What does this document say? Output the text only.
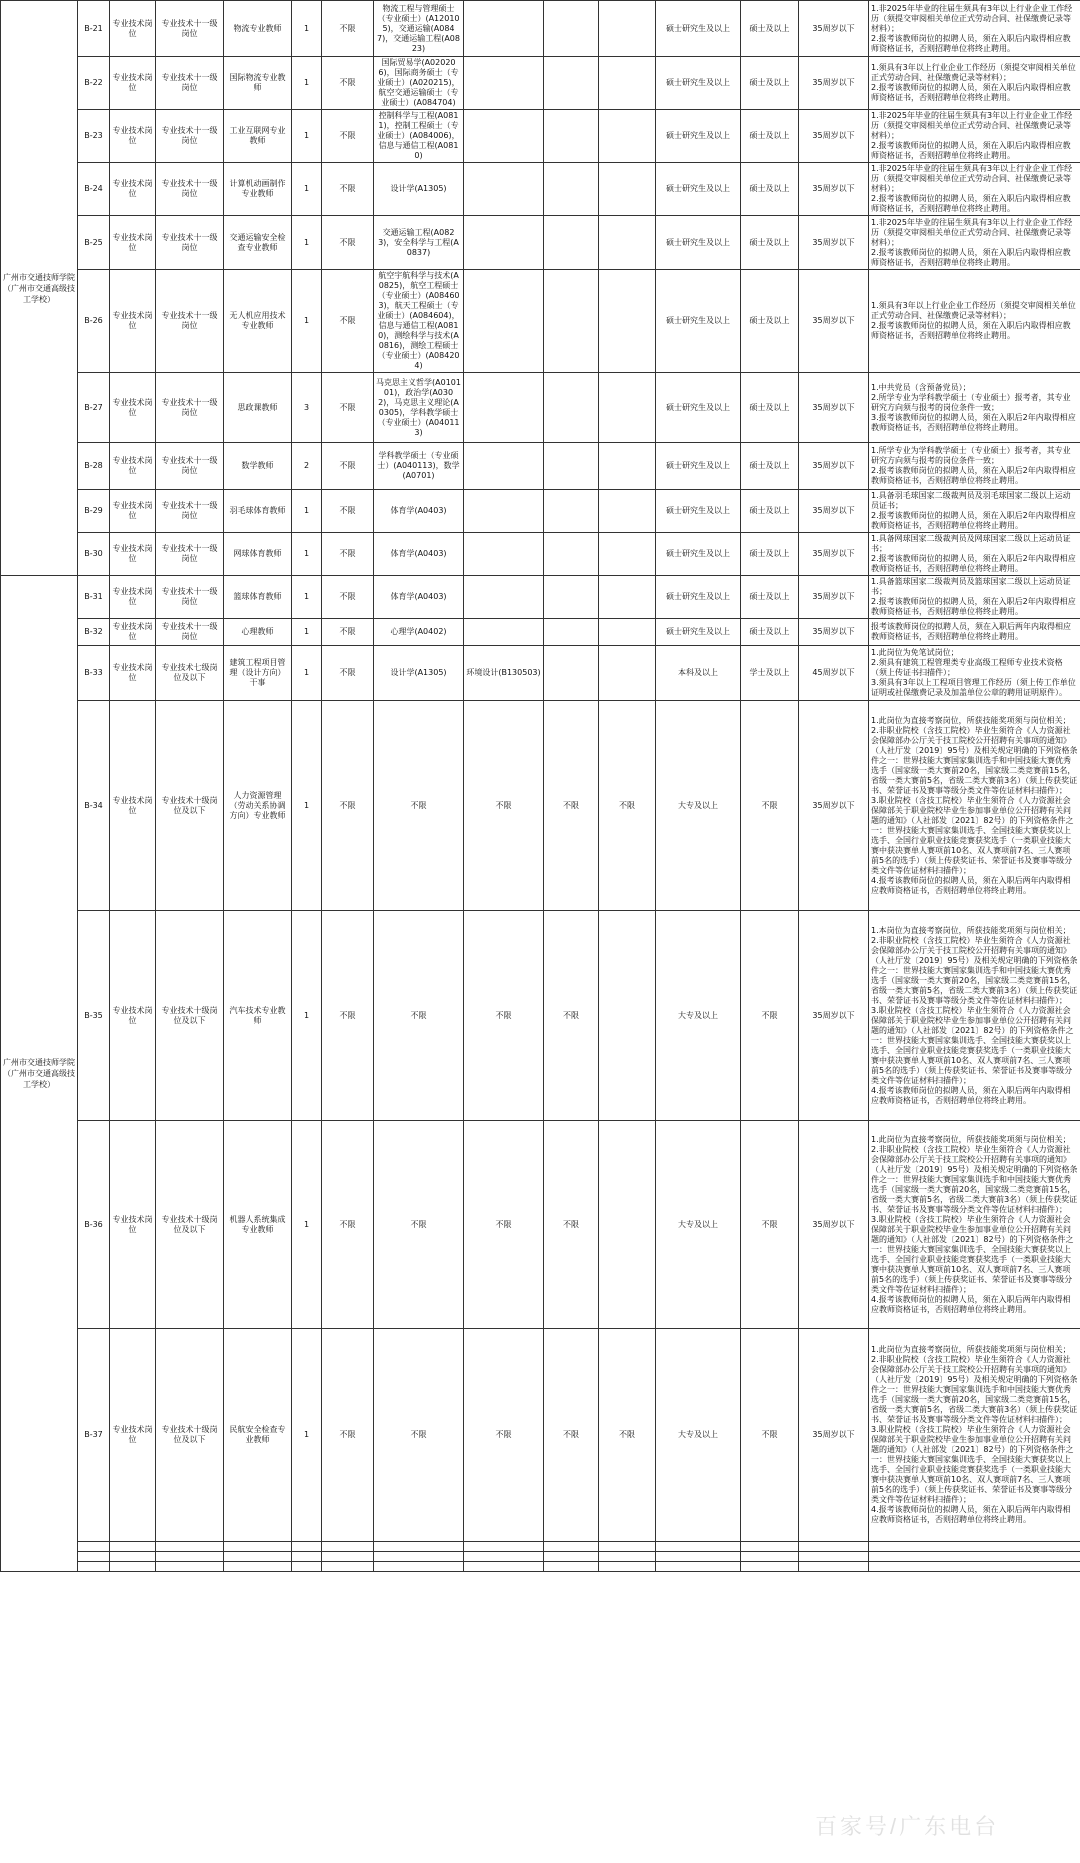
广州市交通技师学院（广州市交通高级技工学校）	B-21	专业技术岗位	专业技术十一级岗位	物流专业教师	1	不限	物流工程与管理硕士（专业硕士）(A120105)，交通运输(A0847)，交通运输工程(A0823)				硕士研究生及以上	硕士及以上	35周岁以下	1.非2025年毕业的往届生须具有3年以上行业企业工作经历（须提交审阅相关单位正式劳动合同、社保缴费记录等材料）；
2.报考该教师岗位的拟聘人员，须在入职后内取得相应教师资格证书，否则招聘单位将终止聘用。
	B-22	专业技术岗位	专业技术十一级岗位	国际物流专业教师	1	不限	国际贸易学(A020206)，国际商务硕士（专业硕士）(A020215)，航空交通运输硕士（专业硕士）(A084704)				硕士研究生及以上	硕士及以上	35周岁以下	1.须具有3年以上行业企业工作经历（须提交审阅相关单位正式劳动合同、社保缴费记录等材料）；
2.报考该教师岗位的拟聘人员，须在入职后内取得相应教师资格证书，否则招聘单位将终止聘用。
	B-23	专业技术岗位	专业技术十一级岗位	工业互联网专业教师	1	不限	控制科学与工程(A0811)，控制工程硕士（专业硕士）(A084006)，信息与通信工程(A0810)				硕士研究生及以上	硕士及以上	35周岁以下	1.非2025年毕业的往届生须具有3年以上行业企业工作经历（须提交审阅相关单位正式劳动合同、社保缴费记录等材料）；
2.报考该教师岗位的拟聘人员，须在入职后内取得相应教师资格证书，否则招聘单位将终止聘用。
	B-24	专业技术岗位	专业技术十一级岗位	计算机动画制作专业教师	1	不限	设计学(A1305)				硕士研究生及以上	硕士及以上	35周岁以下	1.非2025年毕业的往届生须具有3年以上行业企业工作经历（须提交审阅相关单位正式劳动合同、社保缴费记录等材料）；
2.报考该教师岗位的拟聘人员，须在入职后内取得相应教师资格证书，否则招聘单位将终止聘用。
	B-25	专业技术岗位	专业技术十一级岗位	交通运输安全检查专业教师	1	不限	交通运输工程(A0823)，安全科学与工程(A0837)				硕士研究生及以上	硕士及以上	35周岁以下	1.非2025年毕业的往届生须具有3年以上行业企业工作经历（须提交审阅相关单位正式劳动合同、社保缴费记录等材料）；
2.报考该教师岗位的拟聘人员，须在入职后内取得相应教师资格证书，否则招聘单位将终止聘用。
	B-26	专业技术岗位	专业技术十一级岗位	无人机应用技术专业教师	1	不限	航空宇航科学与技术(A0825)，航空工程硕士（专业硕士）(A084603)，航天工程硕士（专业硕士）(A084604)，信息与通信工程(A0810)，测绘科学与技术(A0816)，测绘工程硕士（专业硕士）(A084204)				硕士研究生及以上	硕士及以上	35周岁以下	1.须具有3年以上行业企业工作经历（须提交审阅相关单位正式劳动合同、社保缴费记录等材料）；
2.报考该教师岗位的拟聘人员，须在入职后内取得相应教师资格证书，否则招聘单位将终止聘用。
	B-27	专业技术岗位	专业技术十一级岗位	思政课教师	3	不限	马克思主义哲学(A010101)，政治学(A0302)，马克思主义理论(A0305)，学科教学硕士（专业硕士）(A040113)				硕士研究生及以上	硕士及以上	35周岁以下	1.中共党员（含预备党员）；
2.所学专业为学科教学硕士（专业硕士）报考者，其专业研究方向须与报考的岗位条件一致；
3.报考该教师岗位的拟聘人员，须在入职后2年内取得相应教师资格证书，否则招聘单位将终止聘用。
	B-28	专业技术岗位	专业技术十一级岗位	数学教师	2	不限	学科教学硕士（专业硕士）(A040113)，数学(A0701)				硕士研究生及以上	硕士及以上	35周岁以下	1.所学专业为学科教学硕士（专业硕士）报考者，其专业研究方向须与报考的岗位条件一致；
2.报考该教师岗位的拟聘人员，须在入职后2年内取得相应教师资格证书，否则招聘单位将终止聘用。
	B-29	专业技术岗位	专业技术十一级岗位	羽毛球体育教师	1	不限	体育学(A0403)				硕士研究生及以上	硕士及以上	35周岁以下	1.具备羽毛球国家二级裁判员及羽毛球国家二级以上运动员证书；
2.报考该教师岗位的拟聘人员，须在入职后2年内取得相应教师资格证书，否则招聘单位将终止聘用。
	B-30	专业技术岗位	专业技术十一级岗位	网球体育教师	1	不限	体育学(A0403)				硕士研究生及以上	硕士及以上	35周岁以下	1.具备网球国家二级裁判员及网球国家二级以上运动员证书；
2.报考该教师岗位的拟聘人员，须在入职后2年内取得相应教师资格证书，否则招聘单位将终止聘用。
广州市交通技师学院（广州市交通高级技工学校）	B-31	专业技术岗位	专业技术十一级岗位	篮球体育教师	1	不限	体育学(A0403)				硕士研究生及以上	硕士及以上	35周岁以下	1.具备篮球国家二级裁判员及篮球国家二级以上运动员证书；
2.报考该教师岗位的拟聘人员，须在入职后2年内取得相应教师资格证书，否则招聘单位将终止聘用。
	B-32	专业技术岗位	专业技术十一级岗位	心理教师	1	不限	心理学(A0402)				硕士研究生及以上	硕士及以上	35周岁以下	报考该教师岗位的拟聘人员，须在入职后两年内取得相应教师资格证书，否则招聘单位将终止聘用。
	B-33	专业技术岗位	专业技术七级岗位及以下	建筑工程项目管理（设计方向）干事	1	不限	设计学(A1305)	环境设计(B130503)			本科及以上	学士及以上	45周岁以下	1.此岗位为免笔试岗位；
2.须具有建筑工程管理类专业高级工程师专业技术资格（须上传证书扫描件）；
3.须具有3年以上工程项目管理工作经历（须上传工作单位证明或社保缴费记录及加盖单位公章的聘用证明原件）。
	B-34	专业技术岗位	专业技术十级岗位及以下	人力资源管理（劳动关系协调方向）专业教师	1	不限	不限	不限	不限	不限	大专及以上	不限	35周岁以下	1.此岗位为直接考察岗位，所获技能奖项须与岗位相关；
2.非职业院校（含技工院校）毕业生须符合《人力资源社会保障部办公厅关于技工院校公开招聘有关事项的通知》（人社厅发〔2019〕95号）及相关规定明确的下列资格条件之一：世界技能大赛国家集训选手和中国技能大赛优秀选手（国家级一类大赛前20名，国家级二类竞赛前15名，省级一类大赛前5名，省级二类大赛前3名）（须上传获奖证书、荣誉证书及赛事等级分类文件等佐证材料扫描件）；
3.职业院校（含技工院校）毕业生须符合《人力资源社会保障部关于职业院校毕业生参加事业单位公开招聘有关问题的通知》（人社部发〔2021〕82号）的下列资格条件之一：世界技能大赛国家集训选手、全国技能大赛获奖以上选手、全国行业职业技能竞赛获奖选手（一类职业技能大赛中获决赛单人赛项前10名、双人赛项前7名、三人赛项前5名的选手）（须上传获奖证书、荣誉证书及赛事等级分类文件等佐证材料扫描件）；
4.报考该教师岗位的拟聘人员，须在入职后两年内取得相应教师资格证书，否则招聘单位将终止聘用。
	B-35	专业技术岗位	专业技术十级岗位及以下	汽车技术专业教师	1	不限	不限	不限	不限		大专及以上	不限	35周岁以下	1.本岗位为直接考察岗位，所获技能奖项须与岗位相关；
2.非职业院校（含技工院校）毕业生须符合《人力资源社会保障部办公厅关于技工院校公开招聘有关事项的通知》（人社厅发〔2019〕95号）及相关规定明确的下列资格条件之一：世界技能大赛国家集训选手和中国技能大赛优秀选手（国家级一类大赛前20名，国家级二类竞赛前15名，省级一类大赛前5名，省级二类大赛前3名）（须上传获奖证书、荣誉证书及赛事等级分类文件等佐证材料扫描件）；
3.职业院校（含技工院校）毕业生须符合《人力资源社会保障部关于职业院校毕业生参加事业单位公开招聘有关问题的通知》（人社部发〔2021〕82号）的下列资格条件之一：世界技能大赛国家集训选手、全国技能大赛获奖以上选手、全国行业职业技能竞赛获奖选手（一类职业技能大赛中获决赛单人赛项前10名、双人赛项前7名、三人赛项前5名的选手）（须上传获奖证书、荣誉证书及赛事等级分类文件等佐证材料扫描件）；
4.报考该教师岗位的拟聘人员，须在入职后两年内取得相应教师资格证书，否则招聘单位将终止聘用。
	B-36	专业技术岗位	专业技术十级岗位及以下	机器人系统集成专业教师	1	不限	不限	不限	不限		大专及以上	不限	35周岁以下	1.此岗位为直接考察岗位，所获技能奖项须与岗位相关；
2.非职业院校（含技工院校）毕业生须符合《人力资源社会保障部办公厅关于技工院校公开招聘有关事项的通知》（人社厅发〔2019〕95号）及相关规定明确的下列资格条件之一：世界技能大赛国家集训选手和中国技能大赛优秀选手（国家级一类大赛前20名，国家级二类竞赛前15名，省级一类大赛前5名，省级二类大赛前3名）（须上传获奖证书、荣誉证书及赛事等级分类文件等佐证材料扫描件）；
3.职业院校（含技工院校）毕业生须符合《人力资源社会保障部关于职业院校毕业生参加事业单位公开招聘有关问题的通知》（人社部发〔2021〕82号）的下列资格条件之一：世界技能大赛国家集训选手、全国技能大赛获奖以上选手、全国行业职业技能竞赛获奖选手（一类职业技能大赛中获决赛单人赛项前10名、双人赛项前7名、三人赛项前5名的选手）（须上传获奖证书、荣誉证书及赛事等级分类文件等佐证材料扫描件）；
4.报考该教师岗位的拟聘人员，须在入职后两年内取得相应教师资格证书，否则招聘单位将终止聘用。
	B-37	专业技术岗位	专业技术十级岗位及以下	民航安全检查专业教师	1	不限	不限	不限	不限	不限	大专及以上	不限	35周岁以下	1.此岗位为直接考察岗位，所获技能奖项须与岗位相关；
2.非职业院校（含技工院校）毕业生须符合《人力资源社会保障部办公厅关于技工院校公开招聘有关事项的通知》（人社厅发〔2019〕95号）及相关规定明确的下列资格条件之一：世界技能大赛国家集训选手和中国技能大赛优秀选手（国家级一类大赛前20名，国家级二类竞赛前15名，省级一类大赛前5名，省级二类大赛前3名）（须上传获奖证书、荣誉证书及赛事等级分类文件等佐证材料扫描件）；
3.职业院校（含技工院校）毕业生须符合《人力资源社会保障部关于职业院校毕业生参加事业单位公开招聘有关问题的通知》（人社部发〔2021〕82号）的下列资格条件之一：世界技能大赛国家集训选手、全国技能大赛获奖以上选手、全国行业职业技能竞赛获奖选手（一类职业技能大赛中获决赛单人赛项前10名、双人赛项前7名、三人赛项前5名的选手）（须上传获奖证书、荣誉证书及赛事等级分类文件等佐证材料扫描件）；
4.报考该教师岗位的拟聘人员，须在入职后两年内取得相应教师资格证书，否则招聘单位将终止聘用。

百家号/广东电台
